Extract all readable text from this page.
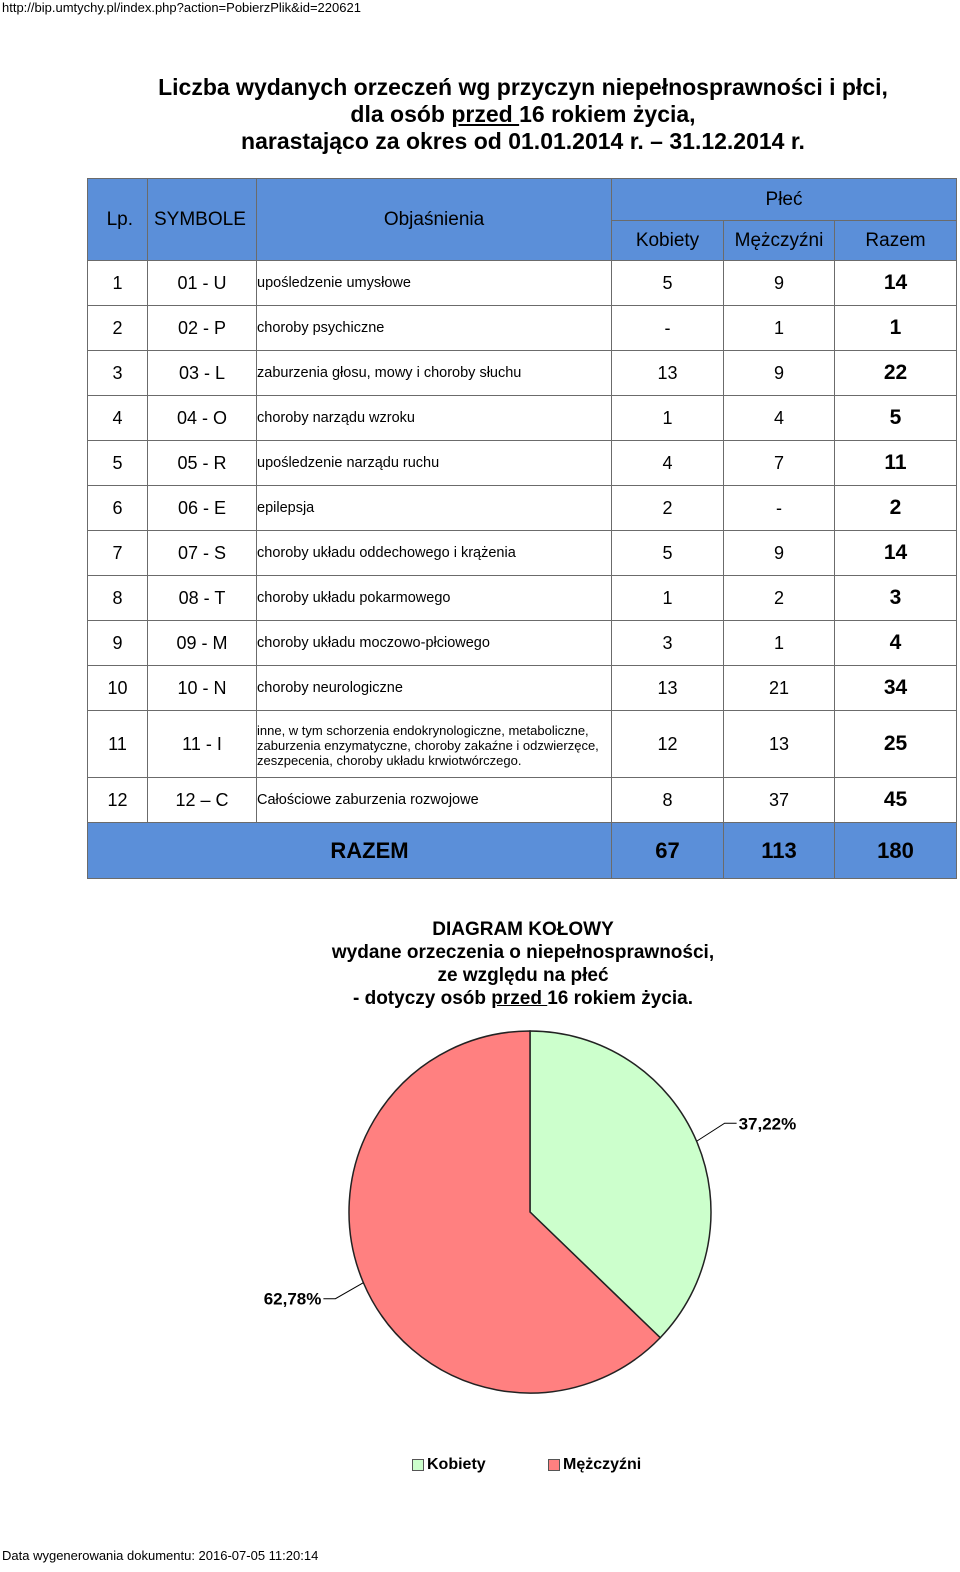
http://bip.umtychy.pl/index.php?action=PobierzPlik&id=220621
Liczba wydanych orzeczeń wg przyczyn niepełnosprawności i płci,
dla osób przed 16 rokiem życia,
narastająco za okres od 01.01.2014 r. – 31.12.2014 r.
Lp.	SYMBOLE	Objaśnienia	Płeć		
			Kobiety	Mężczyźni	Razem
1	01 - U	upośledzenie umysłowe	5	9	14
2	02 - P	choroby psychiczne	-	1	1
3	03 - L	zaburzenia głosu, mowy i choroby słuchu	13	9	22
4	04 - O	choroby narządu wzroku	1	4	5
5	05 - R	upośledzenie narządu ruchu	4	7	11
6	06 - E	epilepsja	2	-	2
7	07 - S	choroby układu oddechowego i krążenia	5	9	14
8	08 - T	choroby układu pokarmowego	1	2	3
9	09 - M	choroby układu moczowo-płciowego	3	1	4
10	10 - N	choroby neurologiczne	13	21	34
11	11 - I	inne, w tym schorzenia endokrynologiczne, metaboliczne, zaburzenia enzymatyczne, choroby zakaźne i odzwierzęce, zeszpecenia, choroby układu krwiotwórczego.	12	13	25
12	12 – C	Całościowe zaburzenia rozwojowe	8	37	45
RAZEM			67	113	180
DIAGRAM KOŁOWY
wydane orzeczenia o niepełnosprawności,
ze względu na płeć
- dotyczy osób przed 16 rokiem życia.
37,22%
62,78%
Kobiety	Mężczyźni
Data wygenerowania dokumentu: 2016-07-05 11:20:14
